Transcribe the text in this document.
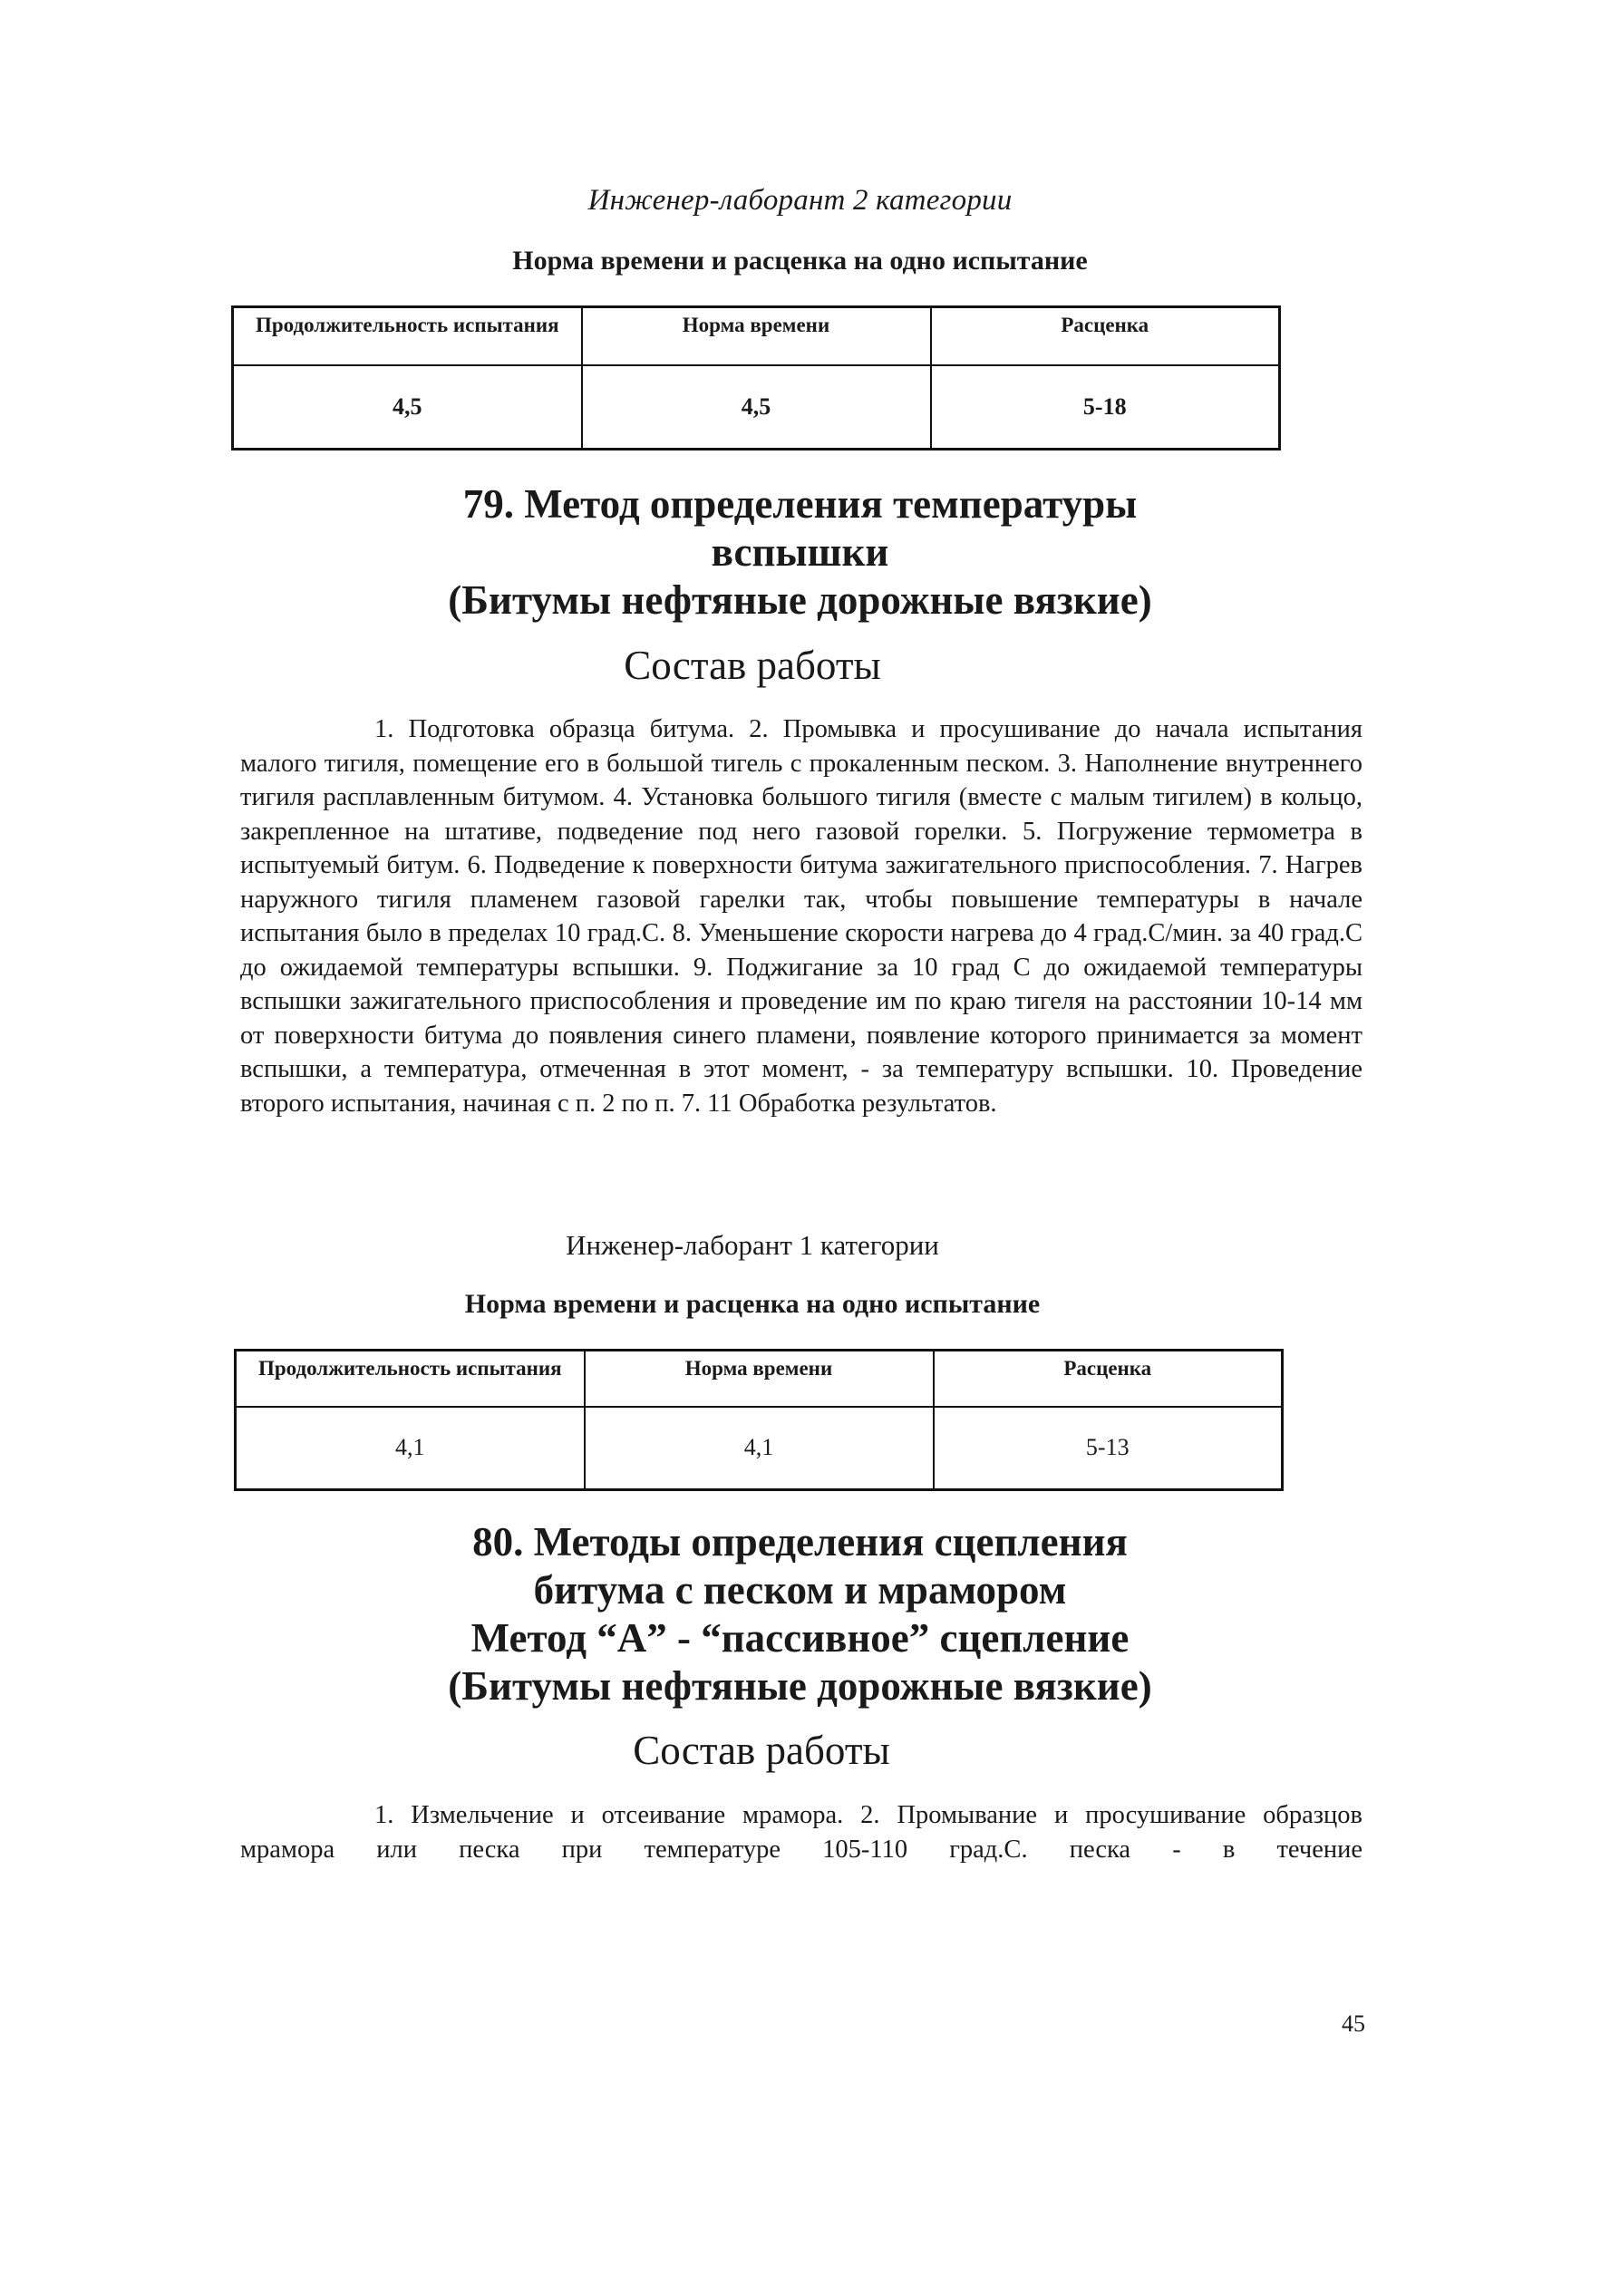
Инженер-лаборант 2 категории
Норма времени и расценка на одно испытание
Продолжительность испытания	Норма времени	Расценка
4,5	4,5	5-18
79. Метод определения температуры
вспышки
(Битумы нефтяные дорожные вязкие)
Состав работы
1. Подготовка образца битума. 2. Промывка и просушивание до начала испытания малого тигиля, помещение его в большой тигель с прокаленным песком. 3. Наполнение внутреннего тигиля расплавленным битумом. 4. Установка большого тигиля (вместе с малым тигилем) в кольцо, закрепленное на штативе, подведение под него газовой горелки. 5. Погружение термометра в испытуемый битум. 6. Подведение к поверхности битума зажигательного приспособления. 7. Нагрев наружного тигиля пламенем газовой гарелки так, чтобы повышение температуры в начале испытания было в пределах 10 град.С. 8. Уменьшение скорости нагрева до 4 град.С/мин. за 40 град.С до ожидаемой температуры вспышки. 9. Поджигание за 10 град С до ожидаемой температуры вспышки зажигательного приспособления и проведение им по краю тигеля на расстоянии 10-14 мм от поверхности битума до появления синего пламени, появление которого принимается за момент вспышки, а температура, отмеченная в этот момент, - за температуру вспышки. 10. Проведение второго испытания, начиная с п. 2 по п. 7. 11 Обработка результатов.
Инженер-лаборант 1 категории
Норма времени и расценка на одно испытание
Продолжительность испытания	Норма времени	Расценка
4,1	4,1	5-13
80. Методы определения сцепления
битума с песком и мрамором
Метод “А” - “пассивное” сцепление
(Битумы нефтяные дорожные вязкие)
Состав работы
1. Измельчение и отсеивание мрамора. 2. Промывание и просушивание образцов мрамора или песка при температуре 105-110 град.С. песка - в течение
45
